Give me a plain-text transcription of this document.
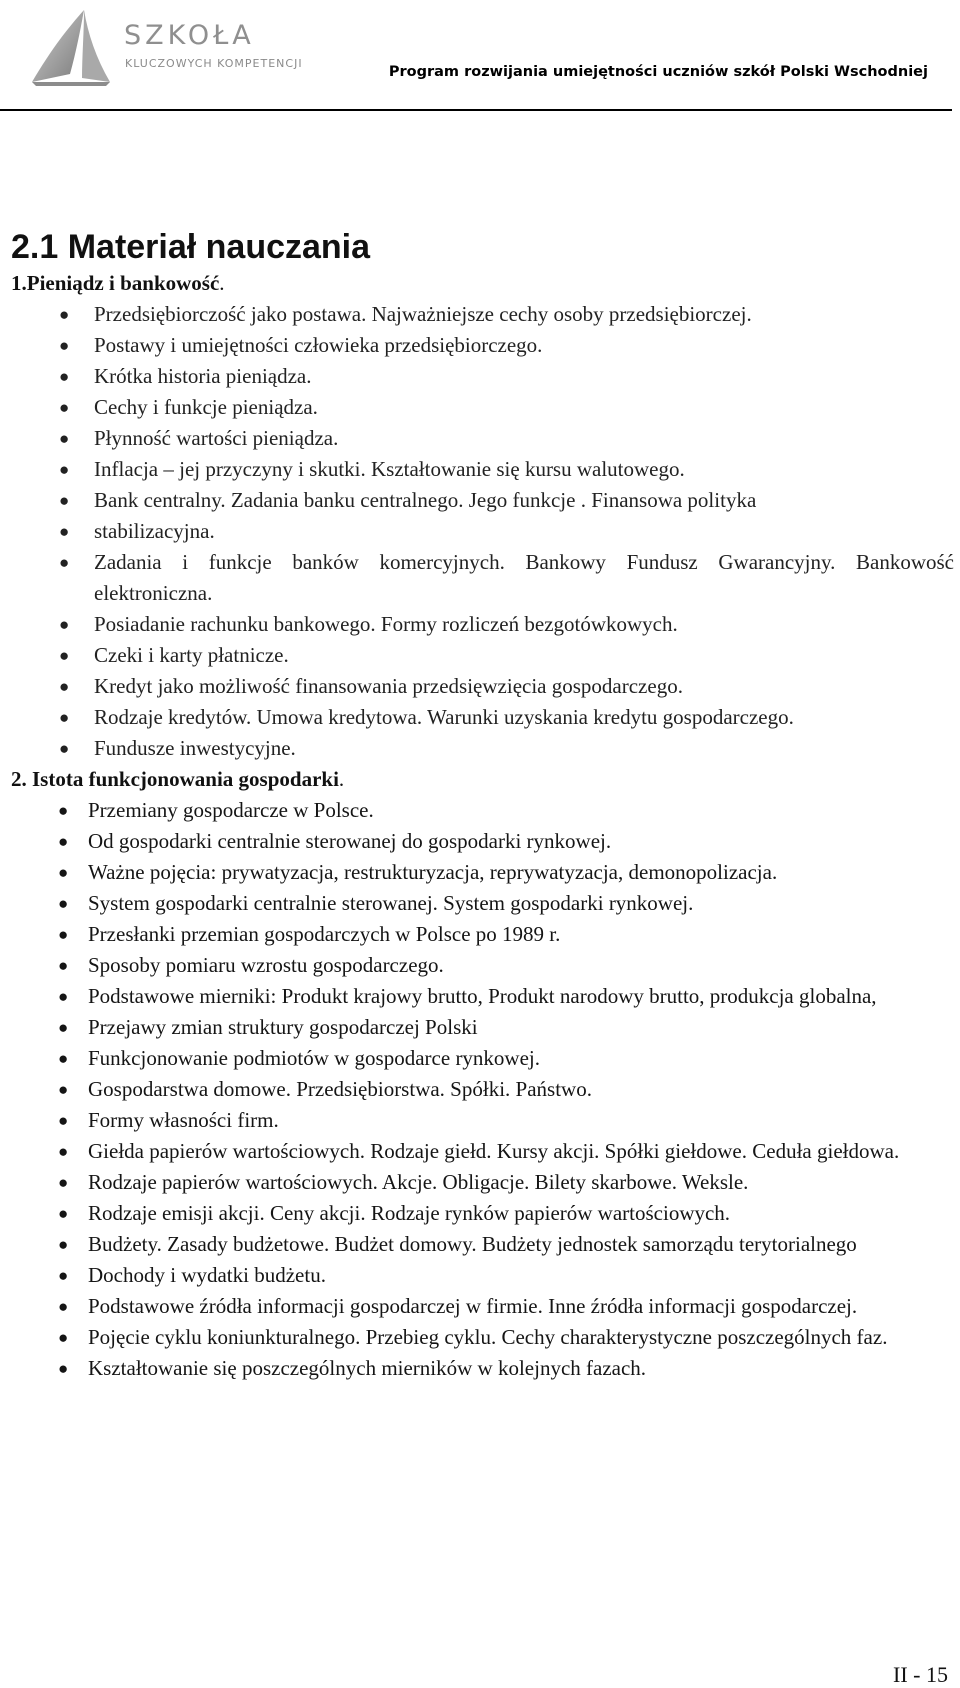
SZKOŁA
KLUCZOWYCH KOMPETENCJI
Program rozwijania umiejętności uczniów szkół Polski Wschodniej
2.1 Materiał nauczania
1.Pieniądz i bankowość.
● Przedsiębiorczość jako postawa. Najważniejsze cechy osoby przedsiębiorczej.
● Postawy i umiejętności człowieka przedsiębiorczego.
● Krótka historia pieniądza.
● Cechy i funkcje pieniądza.
● Płynność wartości pieniądza.
● Inflacja – jej przyczyny i skutki. Kształtowanie się kursu walutowego.
● Bank centralny. Zadania banku centralnego. Jego funkcje . Finansowa polityka
● stabilizacyjna.
● Zadania i funkcje banków komercyjnych. Bankowy Fundusz Gwarancyjny. Bankowość elektroniczna.
● Posiadanie rachunku bankowego. Formy rozliczeń bezgotówkowych.
● Czeki i karty płatnicze.
● Kredyt jako możliwość finansowania przedsięwzięcia gospodarczego.
● Rodzaje kredytów. Umowa kredytowa. Warunki uzyskania kredytu gospodarczego.
● Fundusze inwestycyjne.
2. Istota funkcjonowania gospodarki.
● Przemiany gospodarcze w Polsce.
● Od gospodarki centralnie sterowanej do gospodarki rynkowej.
● Ważne pojęcia: prywatyzacja, restrukturyzacja, reprywatyzacja, demonopolizacja.
● System gospodarki centralnie sterowanej. System gospodarki rynkowej.
● Przesłanki przemian gospodarczych w Polsce po 1989 r.
● Sposoby pomiaru wzrostu gospodarczego.
● Podstawowe mierniki: Produkt krajowy brutto, Produkt narodowy brutto, produkcja globalna,
● Przejawy zmian struktury gospodarczej Polski
● Funkcjonowanie podmiotów w gospodarce rynkowej.
● Gospodarstwa domowe. Przedsiębiorstwa. Spółki. Państwo.
● Formy własności firm.
● Giełda papierów wartościowych. Rodzaje giełd. Kursy akcji. Spółki giełdowe. Ceduła giełdowa.
● Rodzaje papierów wartościowych. Akcje. Obligacje. Bilety skarbowe. Weksle.
● Rodzaje emisji akcji. Ceny akcji. Rodzaje rynków papierów wartościowych.
● Budżety. Zasady budżetowe. Budżet domowy. Budżety jednostek samorządu terytorialnego
● Dochody i wydatki budżetu.
● Podstawowe źródła informacji gospodarczej w firmie. Inne źródła informacji gospodarczej.
● Pojęcie cyklu koniunkturalnego. Przebieg cyklu. Cechy charakterystyczne poszczególnych faz.
● Kształtowanie się poszczególnych mierników w kolejnych fazach.
II - 15
